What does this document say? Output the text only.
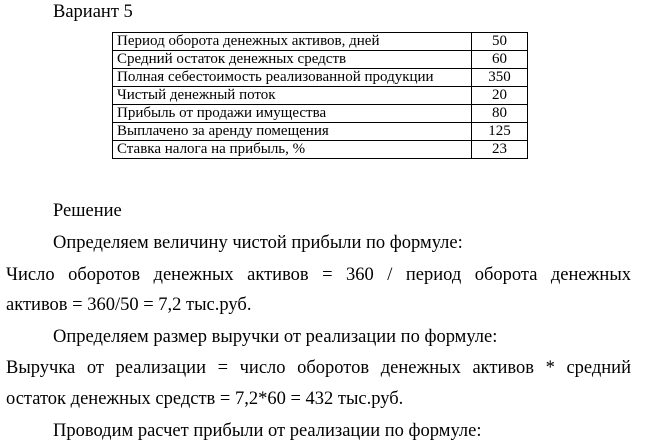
Вариант 5
Период оборота денежных активов, дней	50
Средний остаток денежных средств	60
Полная себестоимость реализованной продукции	350
Чистый денежный поток	20
Прибыль от продажи имущества	80
Выплачено за аренду помещения	125
Ставка налога на прибыль, %	23
Решение
Определяем величину чистой прибыли по формуле:
Число оборотов денежных активов = 360 / период оборота денежных
активов = 360/50 = 7,2 тыс.руб.
Определяем размер выручки от реализации по формуле:
Выручка от реализации = число оборотов денежных активов * средний
остаток денежных средств = 7,2*60 = 432 тыс.руб.
Проводим расчет прибыли от реализации по формуле:
